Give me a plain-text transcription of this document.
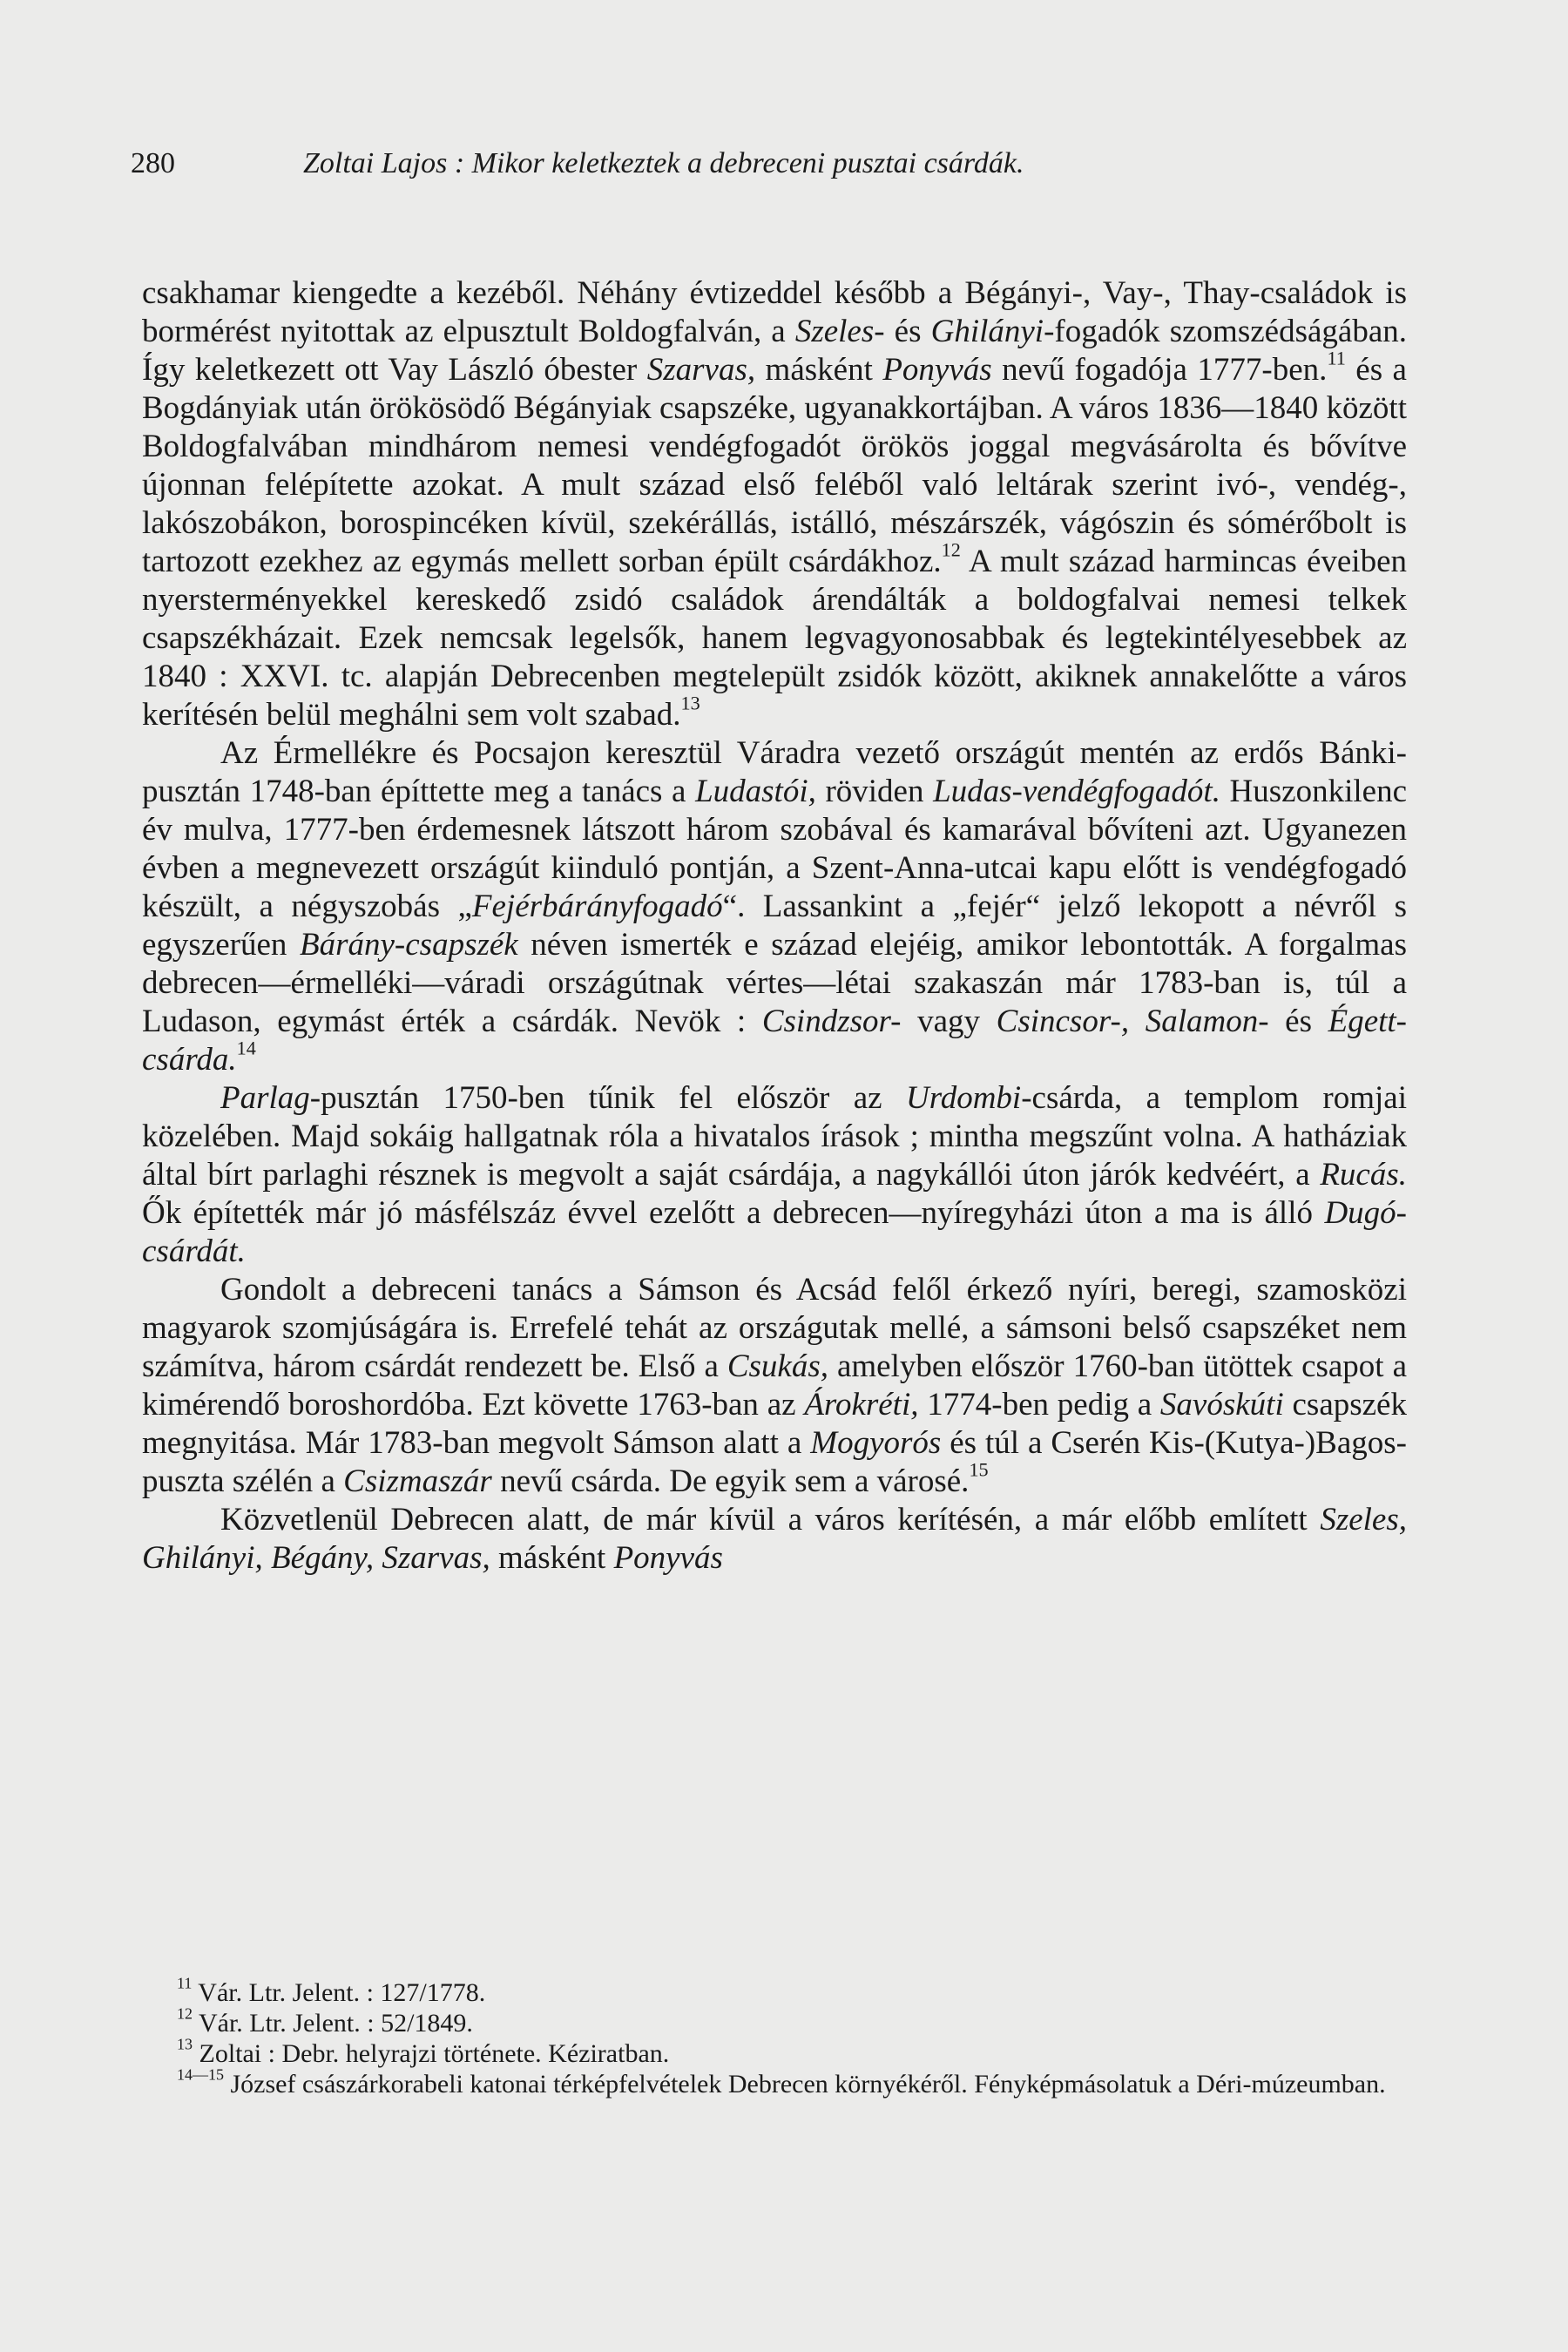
280	Zoltai Lajos : Mikor keletkeztek a debreceni pusztai csárdák.

csakhamar kiengedte a kezéből. Néhány évtizeddel később a Bégányi-, Vay-, Thay-családok is bormérést nyitottak az elpusztult Boldogfalván, a Szeles- és Ghilányi-fogadók szomszédságában. Így keletkezett ott Vay László óbester Szarvas, másként Ponyvás nevű fogadója 1777-ben.$^{11}$ és a Bogdányiak után örökösödő Bégányiak csapszéke, ugyanakkortájban. A város 1836—1840 között Boldogfalvában mindhárom nemesi vendégfogadót örökös joggal megvásárolta és bővítve újonnan felépítette azokat. A mult század első feléből való leltárak szerint ivó-, vendég-, lakószobákon, borospincéken kívül, szekérállás, istálló, mészárszék, vágószin és sómérőbolt is tartozott ezekhez az egymás mellett sorban épült csárdákhoz.$^{12}$ A mult század harmincas éveiben nyersterményekkel kereskedő zsidó családok árendálták a boldogfalvai nemesi telkek csapszékházait. Ezek nemcsak legelsők, hanem legvagyonosabbak és legtekintélyesebbek az 1840 : XXVI. tc. alapján Debrecenben megtelepült zsidók között, akiknek annakelőtte a város kerítésén belül meghálni sem volt szabad.$^{13}$

Az Érmellékre és Pocsajon keresztül Váradra vezető országút mentén az erdős Bánki-pusztán 1748-ban építtette meg a tanács a Ludastói, röviden Ludas-vendégfogadót. Huszonkilenc év mulva, 1777-ben érdemesnek látszott három szobával és kamarával bővíteni azt. Ugyanezen évben a megnevezett országút kiinduló pontján, a Szent-Anna-utcai kapu előtt is vendégfogadó készült, a négyszobás „Fejérbárányfogadó“. Lassankint a „fejér“ jelző lekopott a névről s egyszerűen Bárány-csapszék néven ismerték e század elejéig, amikor lebontották. A forgalmas debrecen—érmelléki—váradi országútnak vértes—létai szakaszán már 1783-ban is, túl a Ludason, egymást érték a csárdák. Nevök : Csindzsor- vagy Csincsor-, Salamon- és Égett-csárda.$^{14}$

Parlag-pusztán 1750-ben tűnik fel először az Urdombi-csárda, a templom romjai közelében. Majd sokáig hallgatnak róla a hivatalos írások ; mintha megszűnt volna. A hatháziak által bírt parlaghi résznek is megvolt a saját csárdája, a nagykállói úton járók kedvéért, a Rucás. Ők építették már jó másfélszáz évvel ezelőtt a debrecen—nyíregyházi úton a ma is álló Dugó-csárdát.

Gondolt a debreceni tanács a Sámson és Acsád felől érkező nyíri, beregi, szamosközi magyarok szomjúságára is. Errefelé tehát az országutak mellé, a sámsoni belső csapszéket nem számítva, három csárdát rendezett be. Első a Csukás, amelyben először 1760-ban ütöttek csapot a kimérendő boroshordóba. Ezt követte 1763-ban az Árokréti, 1774-ben pedig a Savóskúti csapszék megnyitása. Már 1783-ban megvolt Sámson alatt a Mogyorós és túl a Cserén Kis-(Kutya-)Bagos-puszta szélén a Csizmaszár nevű csárda. De egyik sem a városé.$^{15}$

Közvetlenül Debrecen alatt, de már kívül a város kerítésén, a már előbb említett Szeles, Ghilányi, Bégány, Szarvas, másként Ponyvás

$^{11}$ Vár. Ltr. Jelent. : 127/1778.

$^{12}$ Vár. Ltr. Jelent. : 52/1849.

$^{13}$ Zoltai : Debr. helyrajzi története. Kéziratban.

$^{14—15}$ József császárkorabeli katonai térképfelvételek Debrecen környékéről. Fényképmásolatuk a Déri-múzeumban.
